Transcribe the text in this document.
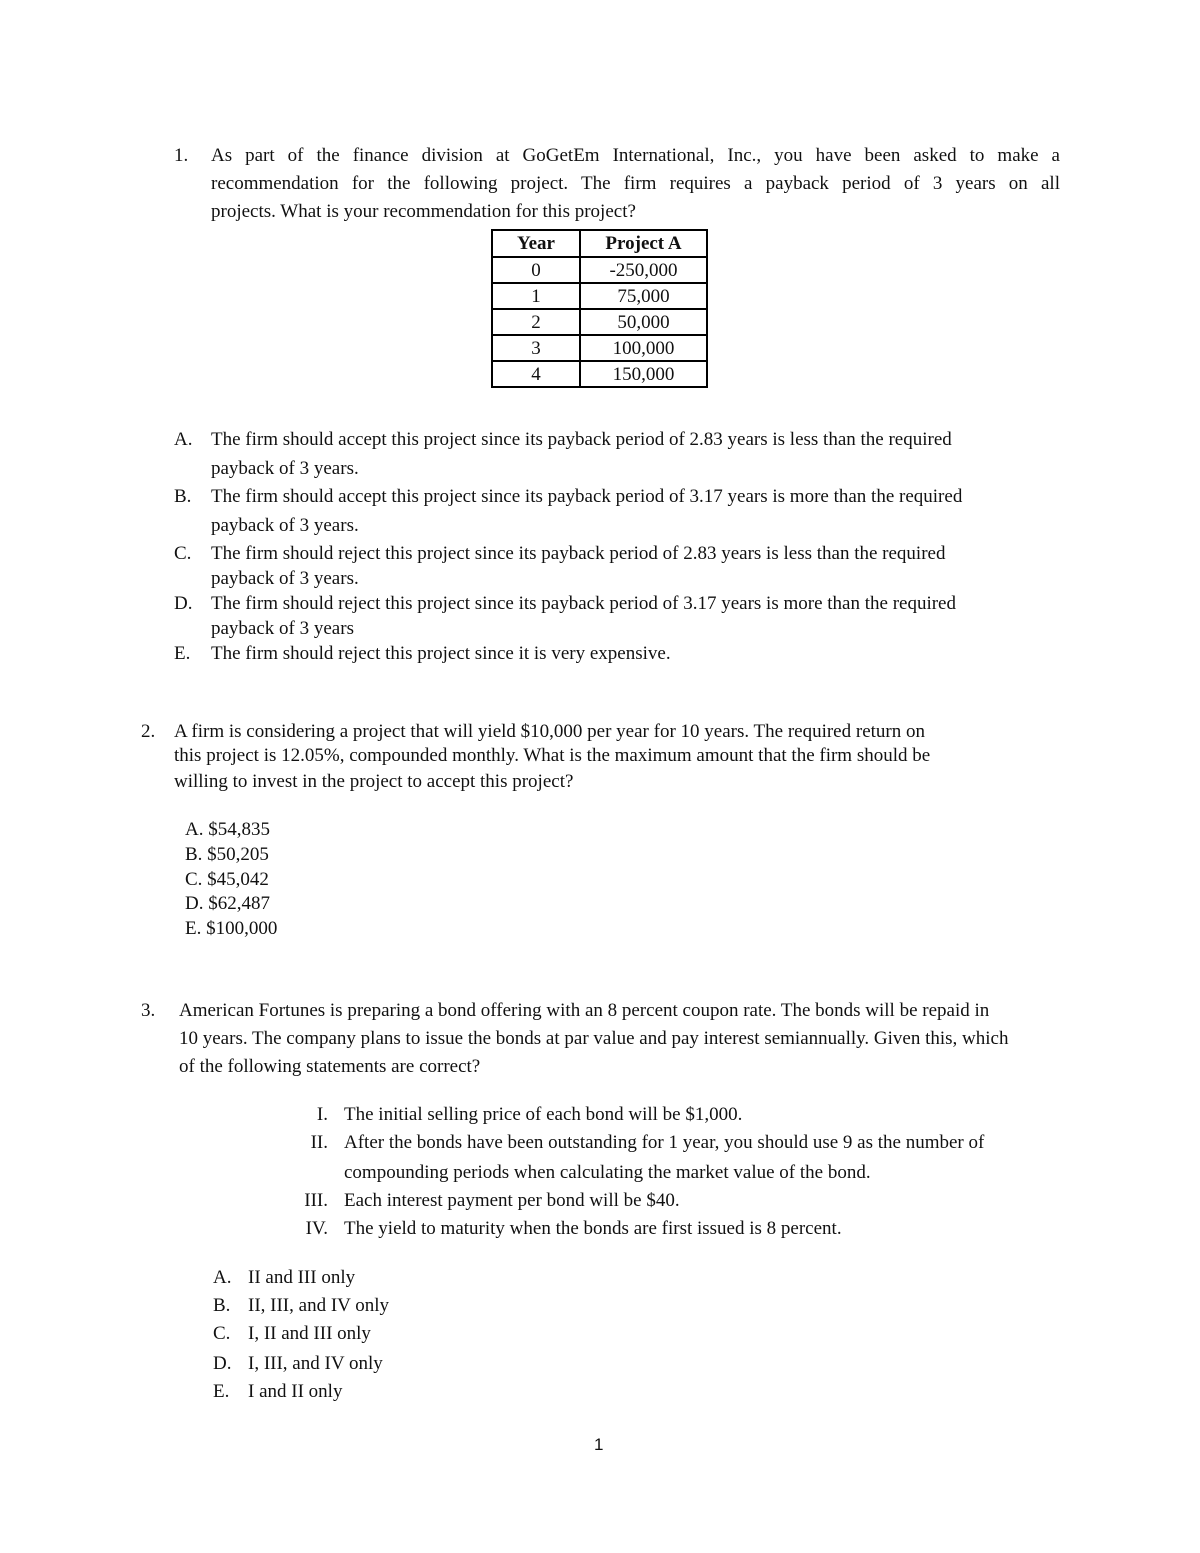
1. As part of the finance division at GoGetEm International, Inc., you have been asked to make a
recommendation for the following project. The firm requires a payback period of 3 years on all
projects. What is your recommendation for this project?
Year	Project A
0	-250,000
1	75,000
2	50,000
3	100,000
4	150,000
A. The firm should accept this project since its payback period of 2.83 years is less than the required
payback of 3 years.
B. The firm should accept this project since its payback period of 3.17 years is more than the required
payback of 3 years.
C. The firm should reject this project since its payback period of 2.83 years is less than the required
payback of 3 years.
D. The firm should reject this project since its payback period of 3.17 years is more than the required
payback of 3 years
E. The firm should reject this project since it is very expensive.
2. A firm is considering a project that will yield $10,000 per year for 10 years. The required return on
this project is 12.05%, compounded monthly. What is the maximum amount that the firm should be
willing to invest in the project to accept this project?
A. $54,835
B. $50,205
C. $45,042
D. $62,487
E. $100,000
3. American Fortunes is preparing a bond offering with an 8 percent coupon rate. The bonds will be repaid in
10 years. The company plans to issue the bonds at par value and pay interest semiannually. Given this, which
of the following statements are correct?
I. The initial selling price of each bond will be $1,000.
II. After the bonds have been outstanding for 1 year, you should use 9 as the number of
compounding periods when calculating the market value of the bond.
III. Each interest payment per bond will be $40.
IV. The yield to maturity when the bonds are first issued is 8 percent.
A. II and III only
B. II, III, and IV only
C. I, II and III only
D. I, III, and IV only
E. I and II only
1
